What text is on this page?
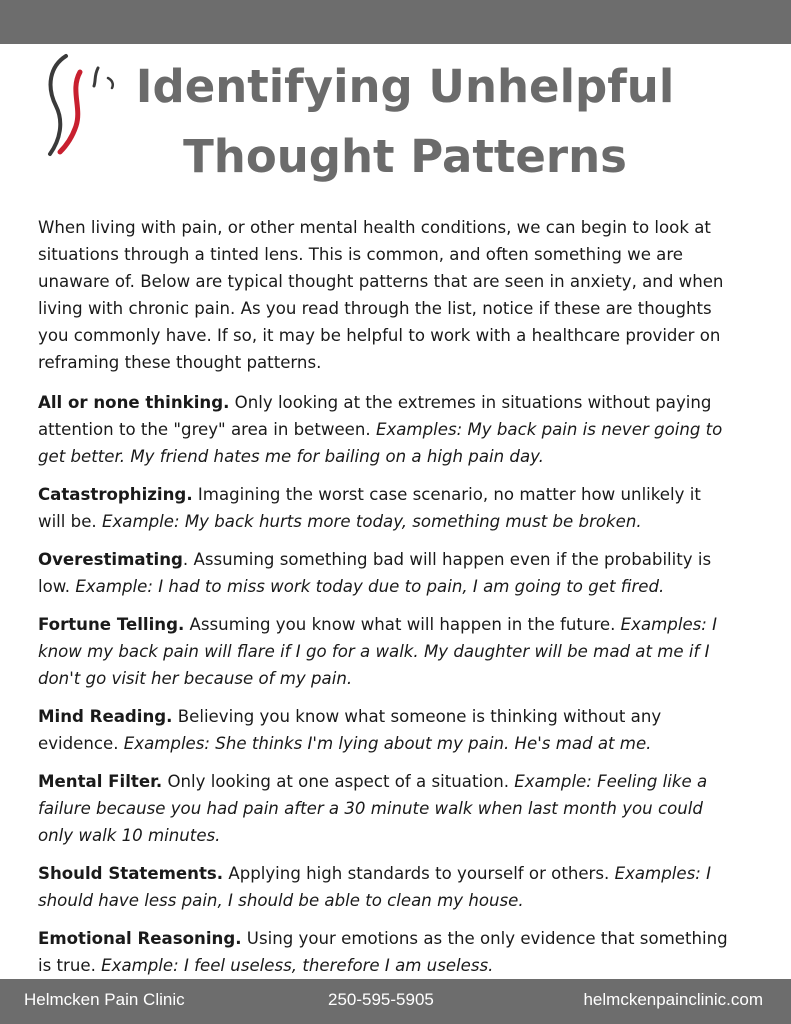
Identifying Unhelpful
Thought Patterns

When living with pain, or other mental health conditions, we can begin to look at situations through a tinted lens. This is common, and often something we are unaware of. Below are typical thought patterns that are seen in anxiety, and when living with chronic pain. As you read through the list, notice if these are thoughts you commonly have. If so, it may be helpful to work with a healthcare provider on reframing these thought patterns.

All or none thinking. Only looking at the extremes in situations without paying attention to the "grey" area in between. Examples: My back pain is never going to get better. My friend hates me for bailing on a high pain day.

Catastrophizing. Imagining the worst case scenario, no matter how unlikely it will be. Example: My back hurts more today, something must be broken.

Overestimating. Assuming something bad will happen even if the probability is low. Example: I had to miss work today due to pain, I am going to get fired.

Fortune Telling. Assuming you know what will happen in the future. Examples: I know my back pain will flare if I go for a walk. My daughter will be mad at me if I don't go visit her because of my pain.

Mind Reading. Believing you know what someone is thinking without any evidence. Examples: She thinks I'm lying about my pain. He's mad at me.

Mental Filter. Only looking at one aspect of a situation. Example: Feeling like a failure because you had pain after a 30 minute walk when last month you could only walk 10 minutes.

Should Statements. Applying high standards to yourself or others. Examples: I should have less pain, I should be able to clean my house.

Emotional Reasoning. Using your emotions as the only evidence that something is true. Example: I feel useless, therefore I am useless.

Helmcken Pain Clinic	250-595-5905	helmckenpainclinic.com
